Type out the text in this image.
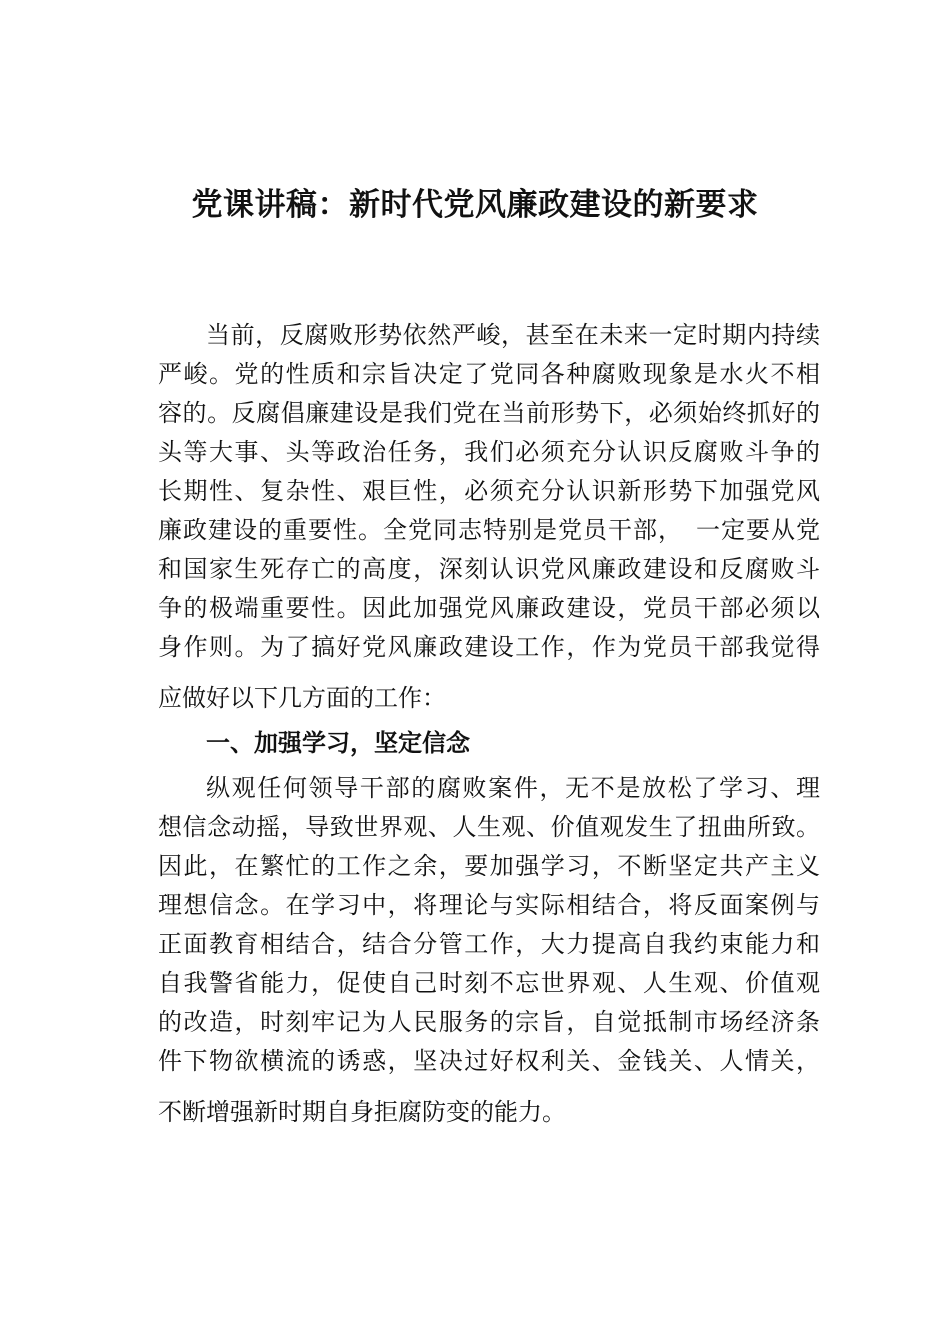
党课讲稿：新时代党风廉政建设的新要求
当前，反腐败形势依然严峻，甚至在未来一定时期内持续
严峻。党的性质和宗旨决定了党同各种腐败现象是水火不相
容的。反腐倡廉建设是我们党在当前形势下，必须始终抓好的
头等大事、头等政治任务，我们必须充分认识反腐败斗争的
长期性、复杂性、艰巨性，必须充分认识新形势下加强党风
廉政建设的重要性。全党同志特别是党员干部，　一定要从党
和国家生死存亡的高度，深刻认识党风廉政建设和反腐败斗
争的极端重要性。因此加强党风廉政建设，党员干部必须以
身作则。为了搞好党风廉政建设工作，作为党员干部我觉得
应做好以下几方面的工作：
一、加强学习，坚定信念
纵观任何领导干部的腐败案件，无不是放松了学习、理
想信念动摇，导致世界观、人生观、价值观发生了扭曲所致。
因此，在繁忙的工作之余，要加强学习，不断坚定共产主义
理想信念。在学习中，将理论与实际相结合，将反面案例与
正面教育相结合，结合分管工作，大力提高自我约束能力和
自我警省能力，促使自己时刻不忘世界观、人生观、价值观
的改造，时刻牢记为人民服务的宗旨，自觉抵制市场经济条
件下物欲横流的诱惑，坚决过好权利关、金钱关、人情关，
不断增强新时期自身拒腐防变的能力。
